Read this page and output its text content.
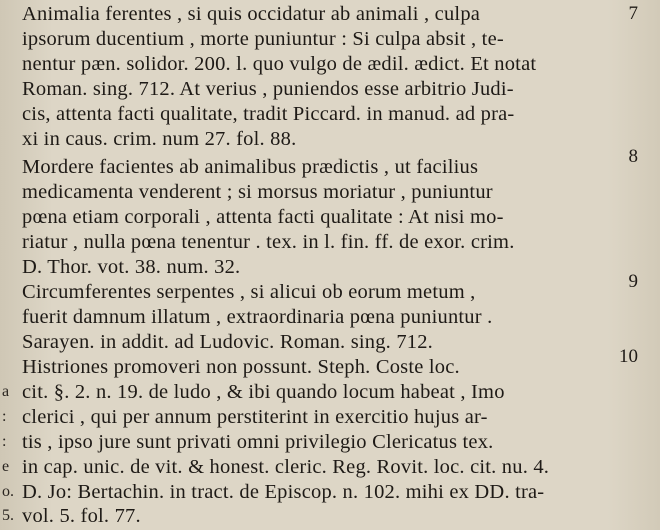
Animalia ferentes , si quis occidatur ab animali , culpa
ipsorum ducentium , morte puniuntur : Si culpa absit , te-
nentur pæn. solidor. 200. l. quo vulgo de ædil. ædict. Et notat
Roman. sing. 712. At verius , puniendos esse arbitrio Judi-
cis, attenta facti qualitate, tradit Piccard. in manud. ad pra-
xi in caus. crim. num 27. fol. 88.
Mordere facientes ab animalibus prædictis , ut facilius
medicamenta venderent ; si morsus moriatur , puniuntur
pœna etiam corporali , attenta facti qualitate : At nisi mo-
riatur , nulla pœna tenentur . tex. in l. fin. ff. de exor. crim.
D. Thor. vot. 38. num. 32.
Circumferentes serpentes , si alicui ob eorum metum ,
fuerit damnum illatum , extraordinaria pœna puniuntur .
Sarayen. in addit. ad Ludovic. Roman. sing. 712.
Histriones promoveri non possunt. Steph. Coste loc.
cit. §. 2. n. 19. de ludo , & ibi quando locum habeat , Imo
clerici , qui per annum perstiterint in exercitio hujus ar-
tis , ipso jure sunt privati omni privilegio Clericatus tex.
in cap. unic. de vit. & honest. cleric. Reg. Rovit. loc. cit. nu. 4.
D. Jo: Bertachin. in tract. de Episcop. n. 102. mihi ex DD. tra-
vol. 5. fol. 77.
7
8
9
10
a
:
:
e
o.
5.
